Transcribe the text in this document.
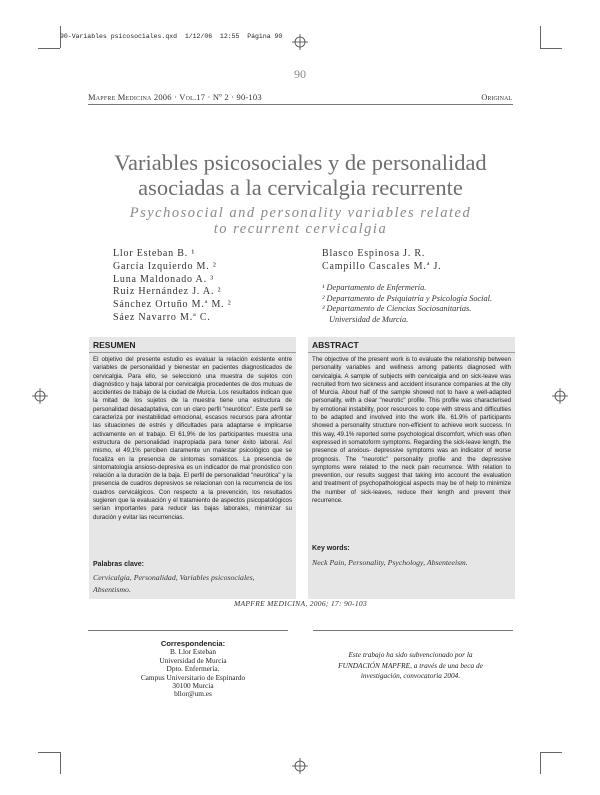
90-Variables psicosociales.qxd  1/12/06  12:55  Página 90
90
Mapfre Medicina 2006 · Vol.17 · Nº 2 · 90-103	Original
Variables psicosociales y de personalidad
asociadas a la cervicalgia recurrente
Psychosocial and personality variables related
to recurrent cervicalgia
Llor Esteban B. ¹
García Izquierdo M. ²
Luna Maldonado A. ³
Ruiz Hernández J. A. ²
Sánchez Ortuño M.ª M. ²
Sáez Navarro M.ª C.
Blasco Espinosa J. R.
Campillo Cascales M.ª J.
¹ Departamento de Enfermería.
² Departamento de Psiquiatría y Psicología Social.
³ Departamento de Ciencias Sociosanitarias.
Universidad de Murcia.
RESUMEN
El objetivo del presente estudio es evaluar la relación existente entre variables de personalidad y bienestar en pacientes diagnosticados de cervicalgia. Para ello, se seleccionó una muestra de sujetos con diagnóstico y baja laboral por cervicalgia procedentes de dos mutuas de accidentes de trabajo de la ciudad de Murcia. Los resultados indican que la mitad de los sujetos de la muestra tiene una estructura de personalidad desadaptativa, con un claro perfil "neurótico". Este perfil se caracteriza por inestabilidad emocional, escasos recursos para afrontar las situaciones de estrés y dificultades para adaptarse e implicarse activamente en el trabajo. El 61,9% de los participantes muestra una estructura de personalidad inapropiada para tener éxito laboral. Así mismo, el 49,1% perciben claramente un malestar psicológico que se focaliza en la presencia de síntomas somáticos. La presencia de sintomatología ansioso-depresiva es un indicador de mal pronóstico con relación a la duración de la baja. El perfil de personalidad "neurótica" y la presencia de cuadros depresivos se relacionan con la recurrencia de los cuadros cervicálgicos. Con respecto a la prevención, los resultados sugieren que la evaluación y el tratamiento de aspectos psicopatológicos serían importantes para reducir las bajas laborales, minimizar su duración y evitar las recurrencias.
Palabras clave:
Cervicalgia, Personalidad, Variables psicosociales, Absentismo.
ABSTRACT
The objective of the present work is to evaluate the relationship between personality variables and wellness among patients diagnosed with cervicalgia. A sample of subjects with cervicalgia and on sick-leave was recruited from two sickness and accident insurance companies at the city of Murcia. About half of the sample showed not to have a well-adapted personality, with a clear "neurotic" profile. This profile was characterised by emotional instability, poor resources to cope with stress and difficulties to be adapted and involved into the work life. 61.9% of participants showed a personality structure non-efficient to achieve work success. In this way, 49.1% reported some psychological discomfort, which was often expressed in somatoform symptoms. Regarding the sick-leave length, the presence of anxious- depressive symptoms was an indicator of worse prognosis. The "neurotic" personality profile and the depressive symptoms were related to the neck pain recurrence. With relation to prevention, our results suggest that taking into account the evaluation and treatment of psychopathological aspects may be of help to minimize the number of sick-leaves, reduce their length and prevent their recurrence.
Key words:
Neck Pain, Personality, Psychology, Absenteeism.
MAPFRE MEDICINA, 2006; 17: 90-103
Correspondencia:
B. Llor Esteban
Universidad de Murcia
Dpto. Enfermería.
Campus Universitario de Espinardo
30100 Murcia
bllor@um.es
Este trabajo ha sido subvencionado por la
FUNDACIÓN MAPFRE, a través de una beca de
investigación, convocatoria 2004.
